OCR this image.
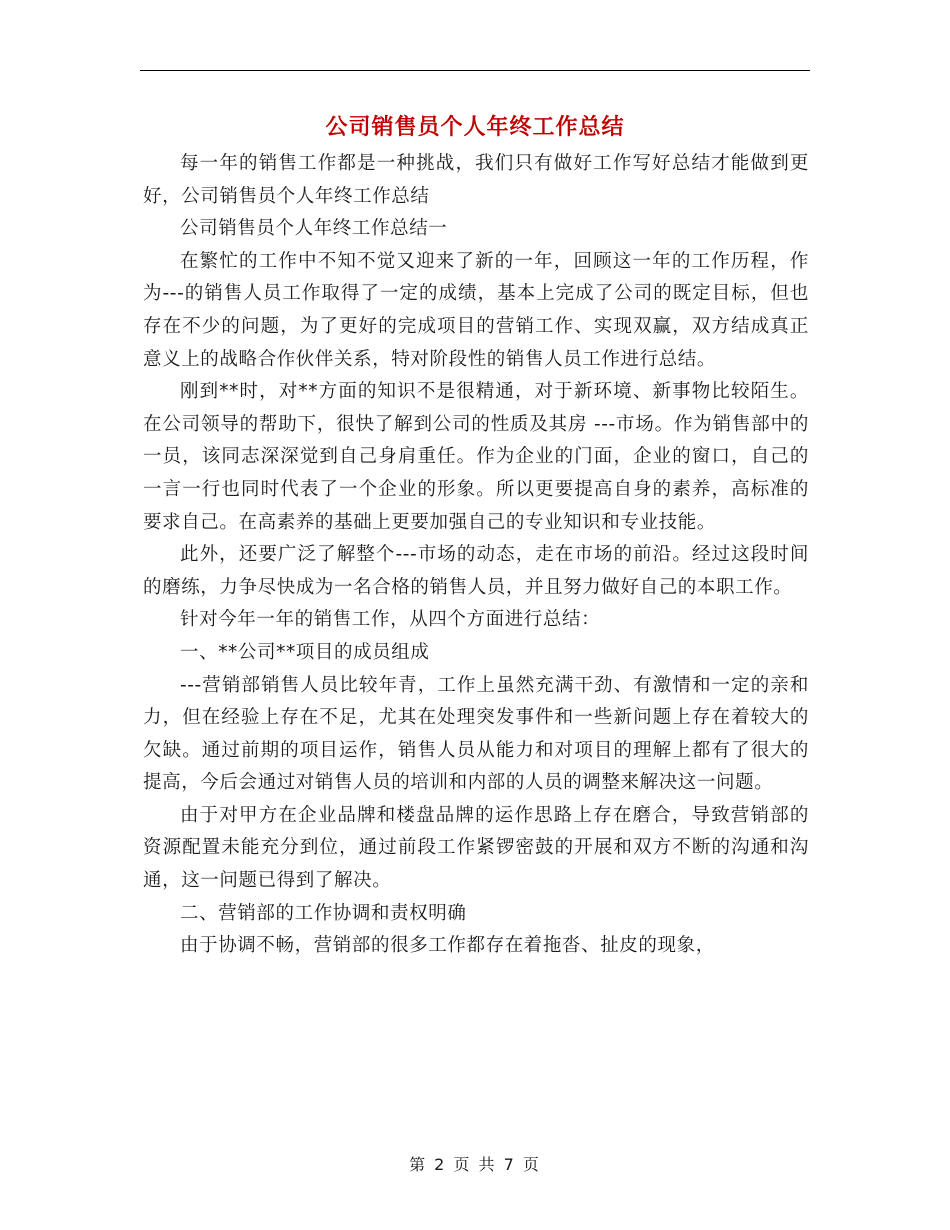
公司销售员个人年终工作总结

每一年的销售工作都是一种挑战，我们只有做好工作写好总结才能做到更好，公司销售员个人年终工作总结

公司销售员个人年终工作总结一

在繁忙的工作中不知不觉又迎来了新的一年，回顾这一年的工作历程，作为---的销售人员工作取得了一定的成绩，基本上完成了公司的既定目标，但也存在不少的问题，为了更好的完成项目的营销工作、实现双赢，双方结成真正意义上的战略合作伙伴关系，特对阶段性的销售人员工作进行总结。

刚到**时，对**方面的知识不是很精通，对于新环境、新事物比较陌生。在公司领导的帮助下，很快了解到公司的性质及其房 ---市场。作为销售部中的一员，该同志深深觉到自己身肩重任。作为企业的门面，企业的窗口，自己的一言一行也同时代表了一个企业的形象。所以更要提高自身的素养，高标准的要求自己。在高素养的基础上更要加强自己的专业知识和专业技能。

此外，还要广泛了解整个---市场的动态，走在市场的前沿。经过这段时间的磨练，力争尽快成为一名合格的销售人员，并且努力做好自己的本职工作。

针对今年一年的销售工作，从四个方面进行总结：

一、**公司**项目的成员组成

---营销部销售人员比较年青，工作上虽然充满干劲、有激情和一定的亲和力，但在经验上存在不足，尤其在处理突发事件和一些新问题上存在着较大的欠缺。通过前期的项目运作，销售人员从能力和对项目的理解上都有了很大的提高，今后会通过对销售人员的培训和内部的人员的调整来解决这一问题。

由于对甲方在企业品牌和楼盘品牌的运作思路上存在磨合，导致营销部的资源配置未能充分到位，通过前段工作紧锣密鼓的开展和双方不断的沟通和沟通，这一问题已得到了解决。

二、营销部的工作协调和责权明确

由于协调不畅，营销部的很多工作都存在着拖沓、扯皮的现象，

第 2 页 共 7 页
